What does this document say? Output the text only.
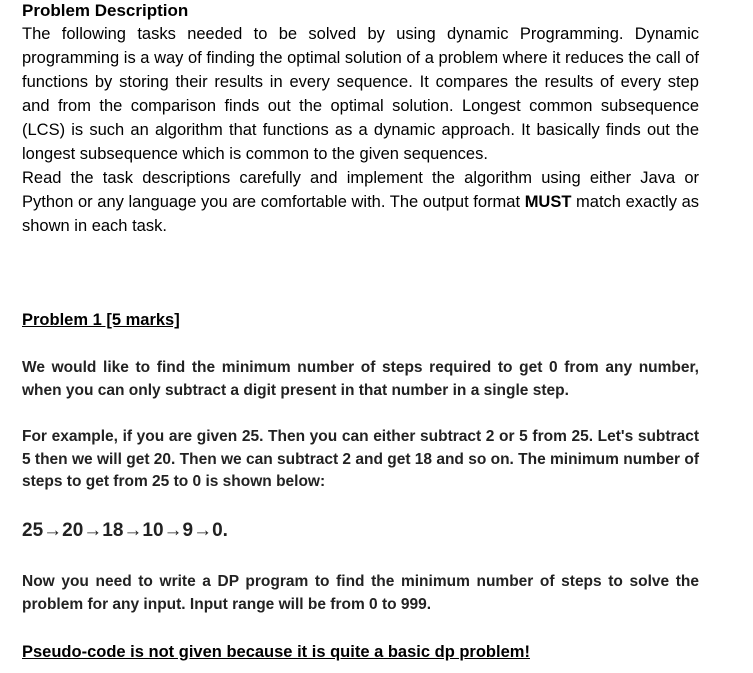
Problem Description

The following tasks needed to be solved by using dynamic Programming. Dynamic programming is a way of finding the optimal solution of a problem where it reduces the call of functions by storing their results in every sequence. It compares the results of every step and from the comparison finds out the optimal solution. Longest common subsequence (LCS) is such an algorithm that functions as a dynamic approach. It basically finds out the longest subsequence which is common to the given sequences.

Read the task descriptions carefully and implement the algorithm using either Java or Python or any language you are comfortable with. The output format MUST match exactly as shown in each task.

Problem 1 [5 marks]
We would like to find the minimum number of steps required to get 0 from any number, when you can only subtract a digit present in that number in a single step.
For example, if you are given 25. Then you can either subtract 2 or 5 from 25. Let's subtract 5 then we will get 20. Then we can subtract 2 and get 18 and so on. The minimum number of steps to get from 25 to 0 is shown below:
25→20→18→10→9→0.
Now you need to write a DP program to find the minimum number of steps to solve the problem for any input. Input range will be from 0 to 999.
Pseudo-code is not given because it is quite a basic dp problem!
